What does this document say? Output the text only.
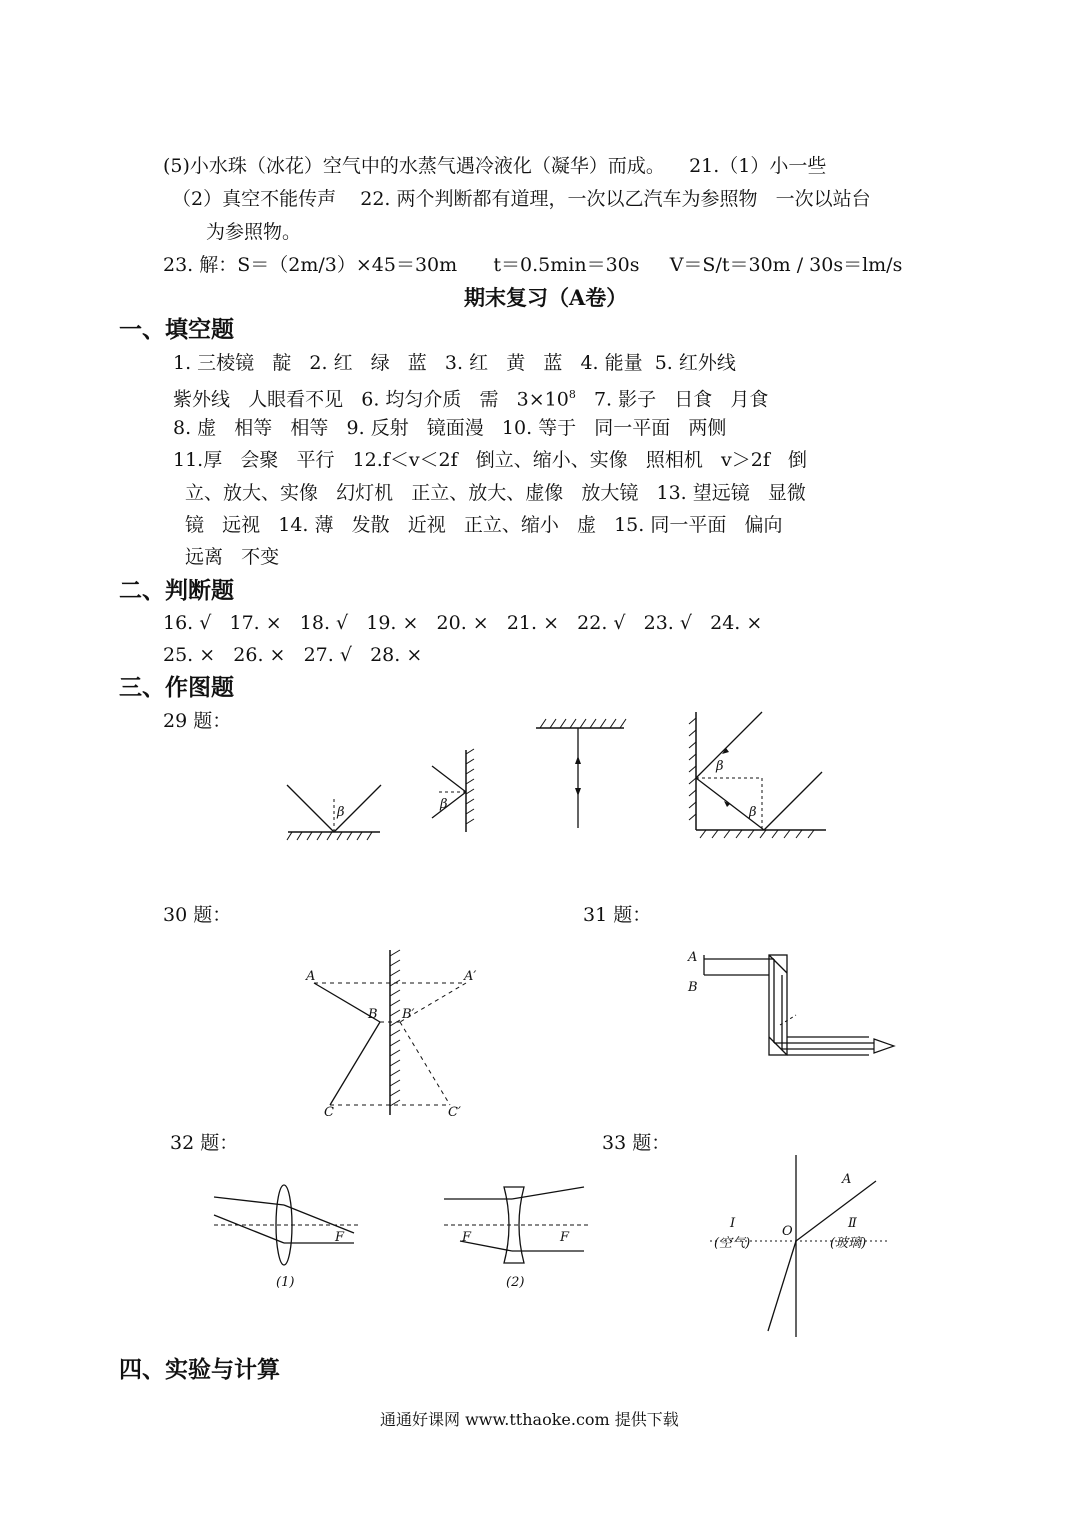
(5)小水珠（冰花）空气中的水蒸气遇冷液化（凝华）而成。    21.（1）小一些
（2）真空不能传声    22. 两个判断都有道理，一次以乙汽车为参照物   一次以站台
为参照物。
23. 解：S＝（2m/3）×45＝30m      t＝0.5min＝30s     V＝S/t＝30m / 30s＝lm/s
期末复习（A卷）
一、填空题
1. 三棱镜   靛   2. 红   绿   蓝   3. 红   黄   蓝   4. 能量  5. 红外线
紫外线   人眼看不见   6. 均匀介质   需   $3\times 10^8$   7. 影子   日食   月食
8. 虚   相等   相等   9. 反射   镜面漫   10. 等于   同一平面   两侧
11.厚   会聚   平行   12.f＜v＜2f   倒立、缩小、实像   照相机   v＞2f   倒
立、放大、实像   幻灯机   正立、放大、虚像   放大镜   13. 望远镜   显微
镜   远视   14. 薄   发散   近视   正立、缩小   虚   15. 同一平面   偏向
远离   不变
二、判断题
16. √   17. ×   18. √   19. ×   20. ×   21. ×   22. √   23. √   24. ×
25. ×   26. ×   27. √   28. ×
三、作图题
29 题：
30 题：	31 题：
32 题：	33 题：
β
β
β
β
A
B
C
A′
B′
C′
A
B
F
(1)
F	F
(2)
A
O
I	Ⅱ
(空气)	(玻璃)
四、实验与计算
通通好课网 www.tthaoke.com 提供下载
